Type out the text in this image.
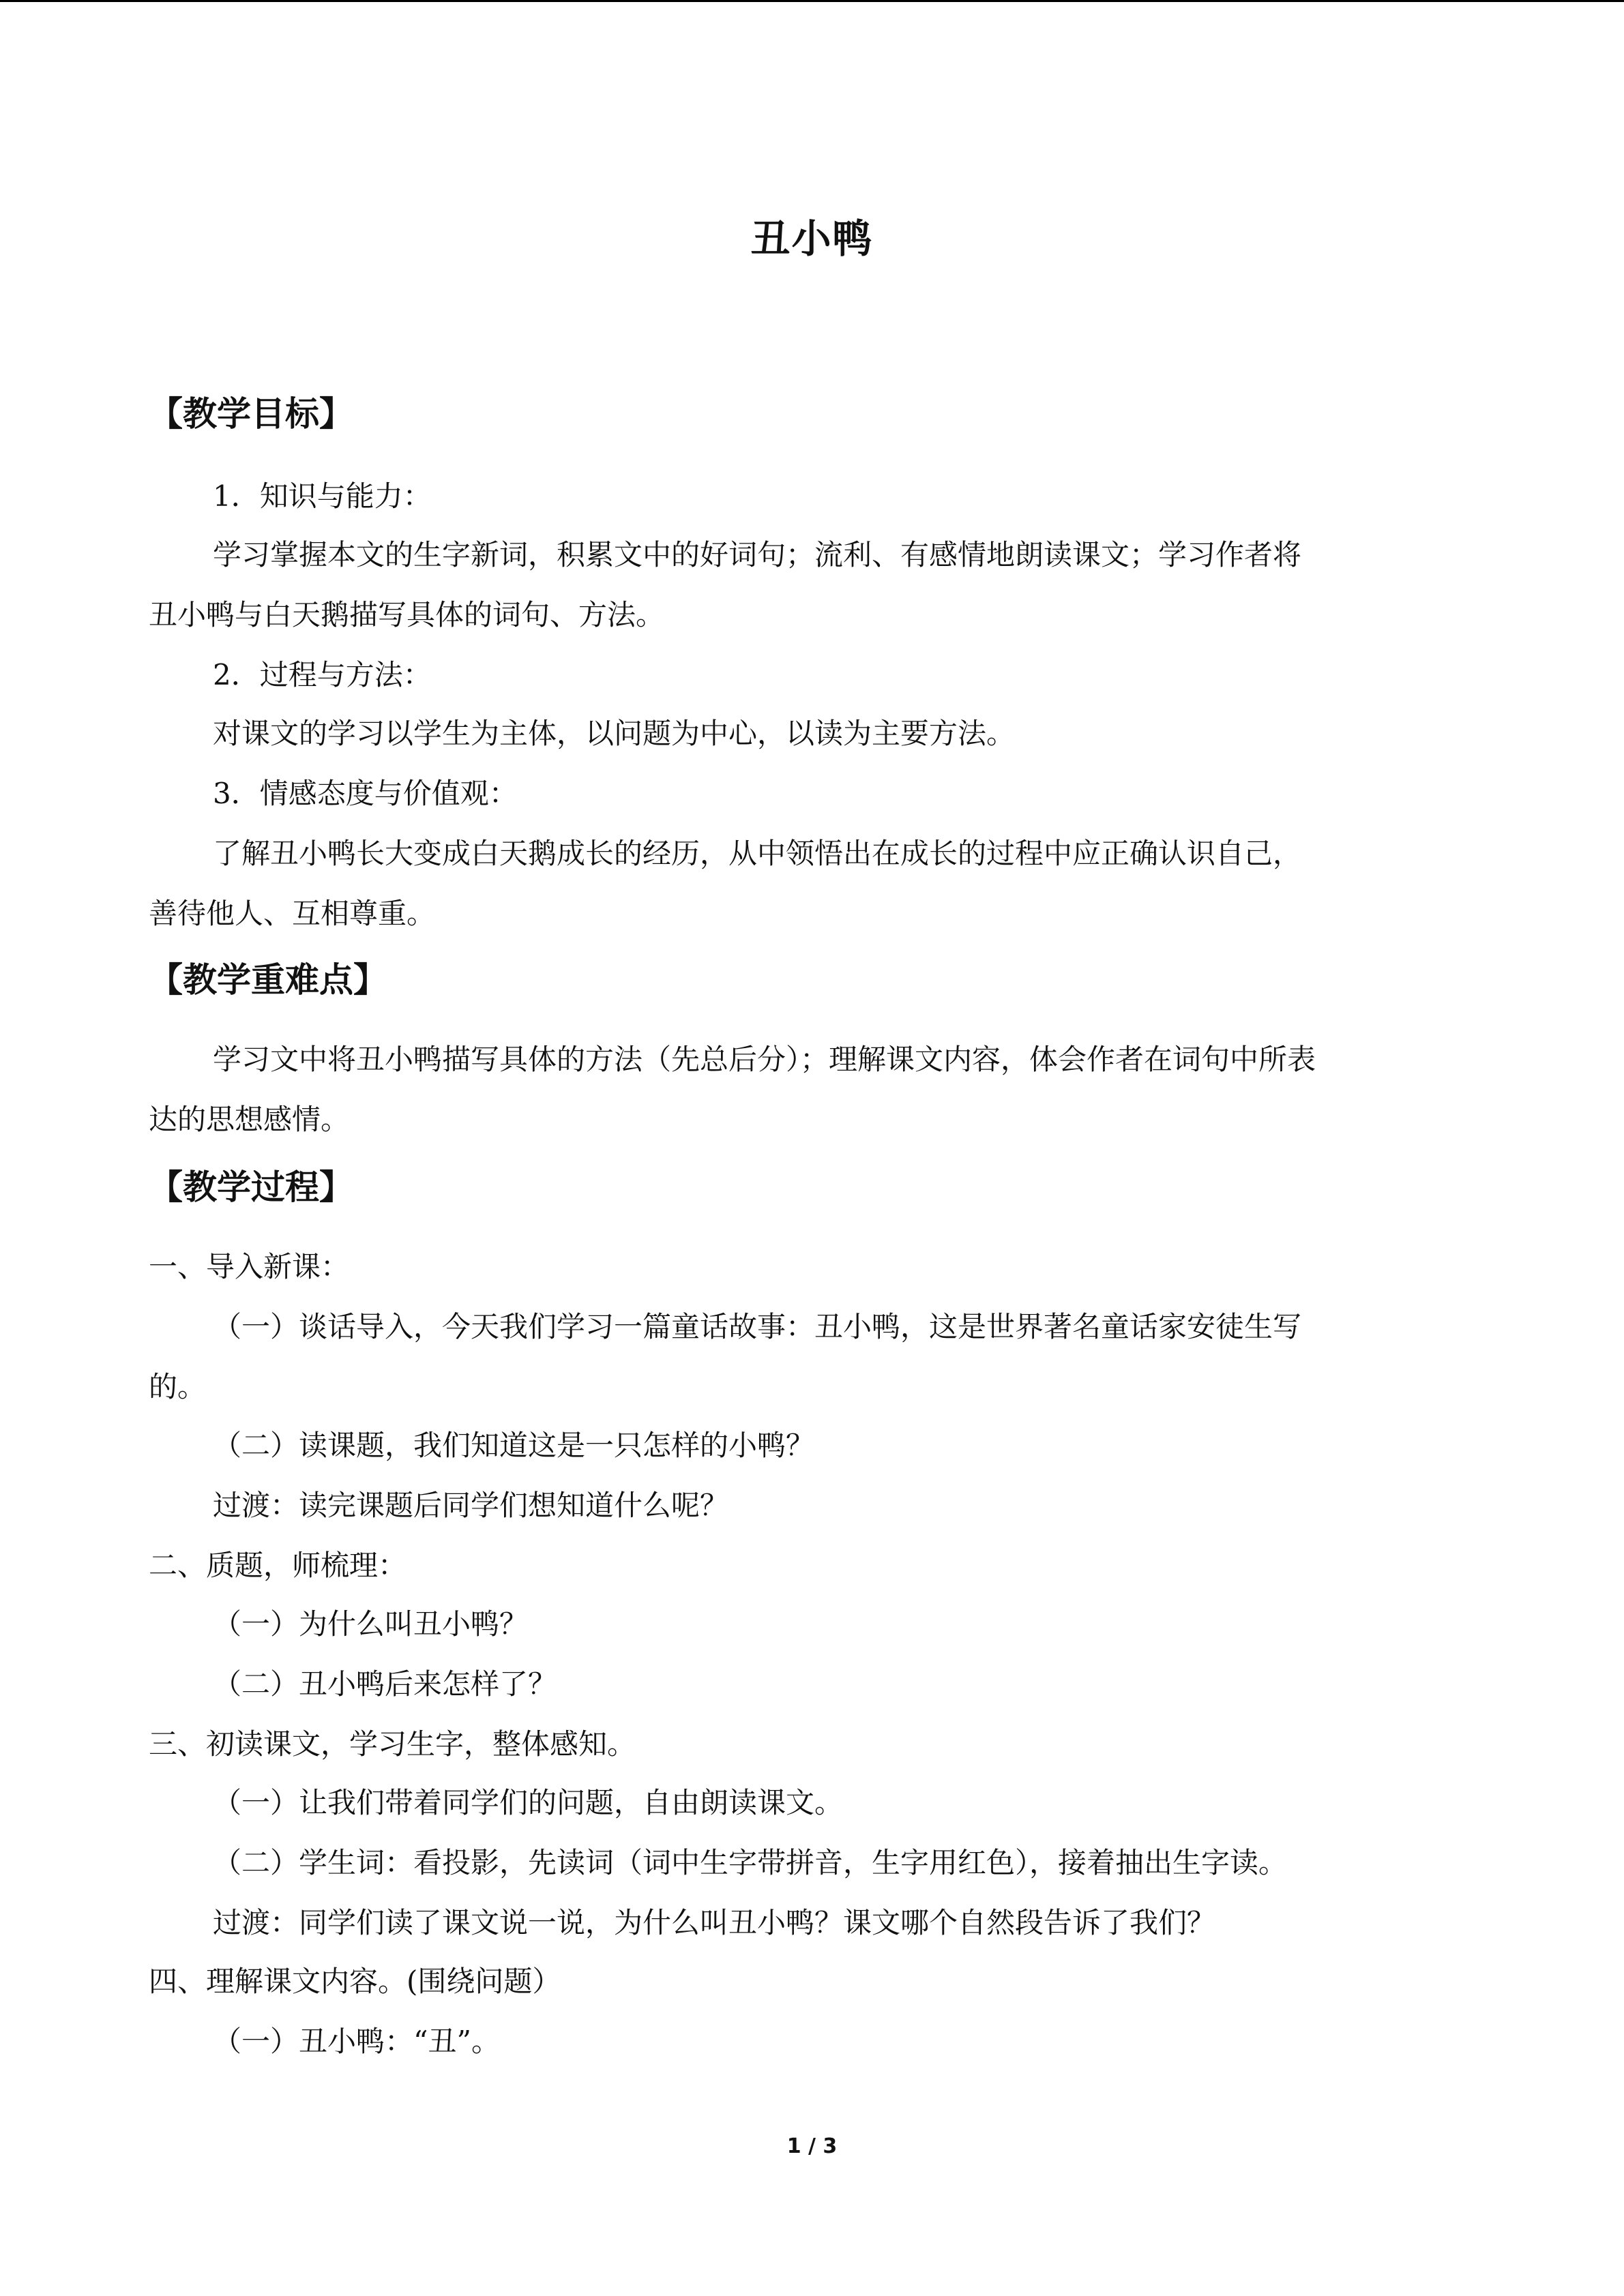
丑小鸭
【教学目标】
1．知识与能力：
学习掌握本文的生字新词，积累文中的好词句；流利、有感情地朗读课文；学习作者将
丑小鸭与白天鹅描写具体的词句、方法。
2．过程与方法：
对课文的学习以学生为主体，以问题为中心，以读为主要方法。
3．情感态度与价值观：
了解丑小鸭长大变成白天鹅成长的经历，从中领悟出在成长的过程中应正确认识自己，
善待他人、互相尊重。
【教学重难点】
学习文中将丑小鸭描写具体的方法（先总后分）；理解课文内容，体会作者在词句中所表
达的思想感情。
【教学过程】
一、导入新课：
（一）谈话导入，今天我们学习一篇童话故事：丑小鸭，这是世界著名童话家安徒生写
的。
（二）读课题，我们知道这是一只怎样的小鸭？
过渡：读完课题后同学们想知道什么呢？
二、质题，师梳理：
（一）为什么叫丑小鸭？
（二）丑小鸭后来怎样了？
三、初读课文，学习生字，整体感知。
（一）让我们带着同学们的问题，自由朗读课文。
（二）学生词：看投影，先读词（词中生字带拼音，生字用红色），接着抽出生字读。
过渡：同学们读了课文说一说，为什么叫丑小鸭？课文哪个自然段告诉了我们？
四、理解课文内容。(围绕问题）
（一）丑小鸭：“丑”。
1 / 3
